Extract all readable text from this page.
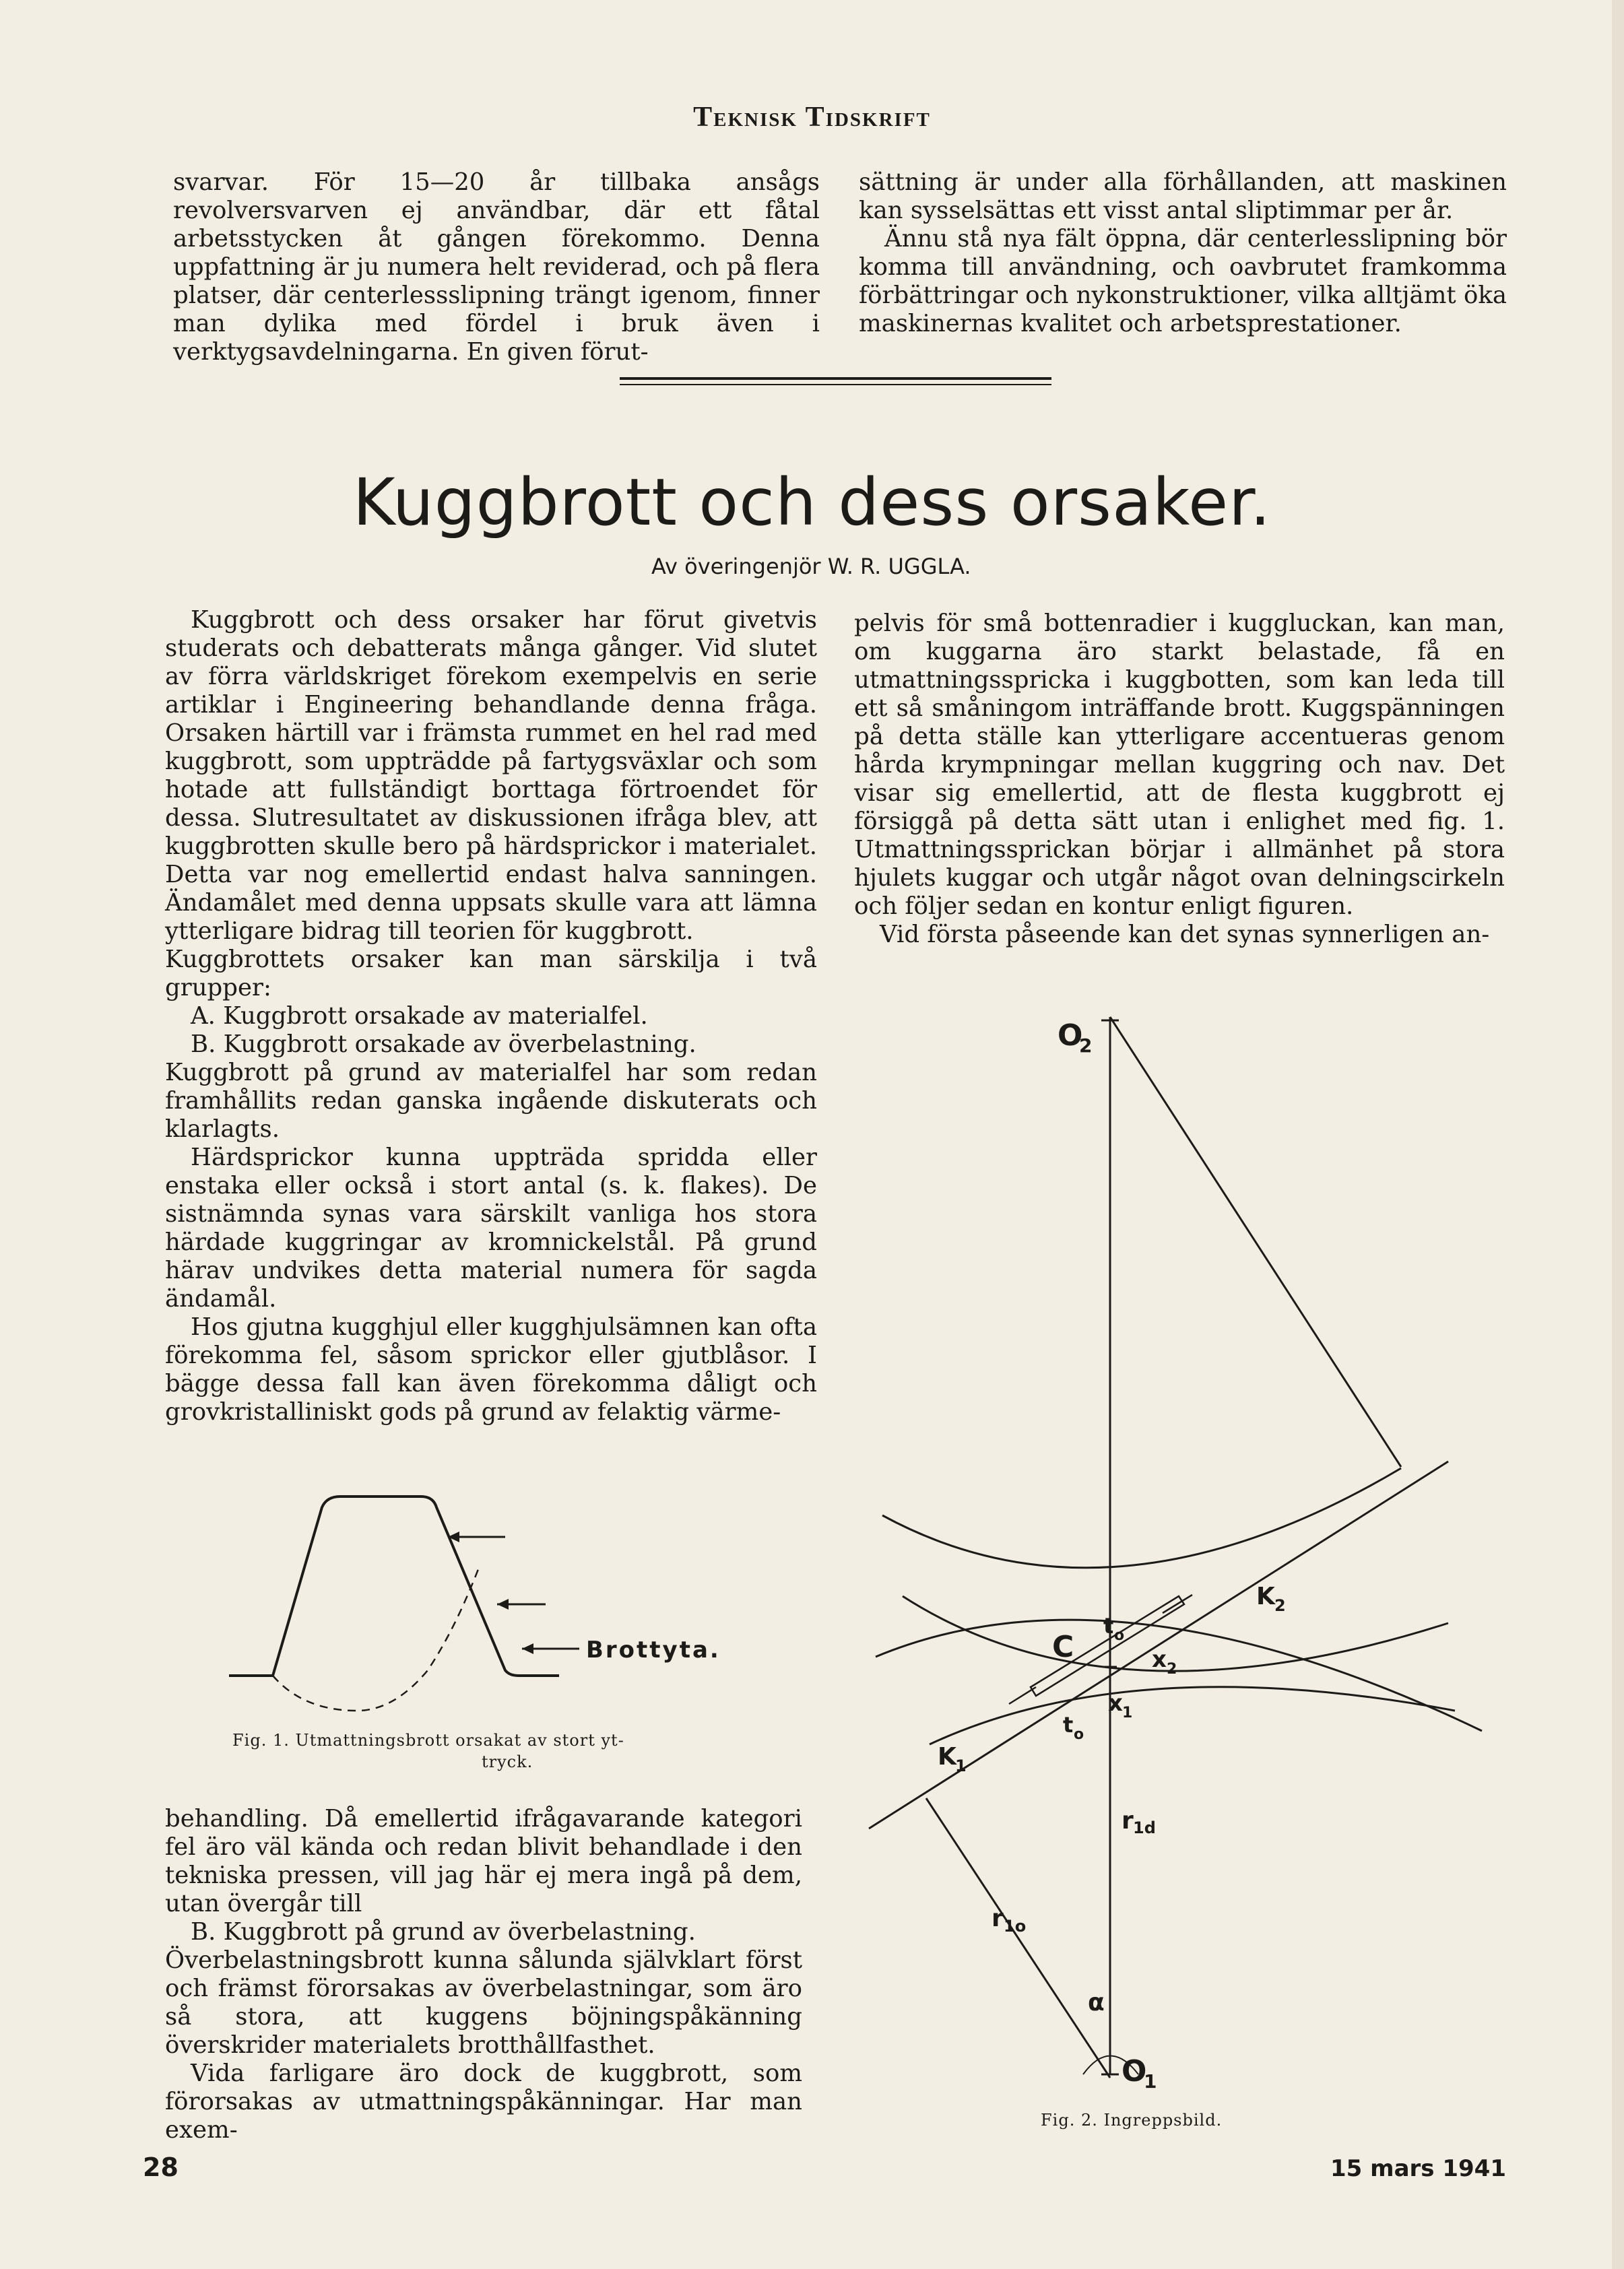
Teknisk Tidskrift

svarvar. För 15—20 år tillbaka ansågs revolversvarven ej användbar, där ett fåtal arbetsstycken åt gången förekommo. Denna uppfattning är ju numera helt reviderad, och på flera platser, där centerlessslipning trängt igenom, finner man dylika med fördel i bruk även i verktygsavdelningarna. En given förut-

sättning är under alla förhållanden, att maskinen kan sysselsättas ett visst antal sliptimmar per år.

Ännu stå nya fält öppna, där centerlesslipning bör komma till användning, och oavbrutet framkomma förbättringar och nykonstruktioner, vilka alltjämt öka maskinernas kvalitet och arbetsprestationer.

Kuggbrott och dess orsaker.
Av överingenjör W. R. UGGLA.

Kuggbrott och dess orsaker har förut givetvis studerats och debatterats många gånger. Vid slutet av förra världskriget förekom exempelvis en serie artiklar i Engineering behandlande denna fråga. Orsaken härtill var i främsta rummet en hel rad med kuggbrott, som uppträdde på fartygsväxlar och som hotade att fullständigt borttaga förtroendet för dessa. Slutresultatet av diskussionen ifråga blev, att kuggbrotten skulle bero på härdsprickor i materialet. Detta var nog emellertid endast halva sanningen. Ändamålet med denna uppsats skulle vara att lämna ytterligare bidrag till teorien för kuggbrott.

Kuggbrottets orsaker kan man särskilja i två grupper:

A. Kuggbrott orsakade av materialfel.

B. Kuggbrott orsakade av överbelastning.

Kuggbrott på grund av materialfel har som redan framhållits redan ganska ingående diskuterats och klarlagts.

Härdsprickor kunna uppträda spridda eller enstaka eller också i stort antal (s. k. flakes). De sistnämnda synas vara särskilt vanliga hos stora härdade kuggringar av kromnickelstål. På grund härav undvikes detta material numera för sagda ändamål.

Hos gjutna kugghjul eller kugghjulsämnen kan ofta förekomma fel, såsom sprickor eller gjutblåsor. I bägge dessa fall kan även förekomma dåligt och grovkristalliniskt gods på grund av felaktig värme-

Brottyta.
Fig. 1. Utmattningsbrott orsakat av stort yt-
tryck.

behandling. Då emellertid ifrågavarande kategori fel äro väl kända och redan blivit behandlade i den tekniska pressen, vill jag här ej mera ingå på dem, utan övergår till

B. Kuggbrott på grund av överbelastning.

Överbelastningsbrott kunna sålunda självklart först och främst förorsakas av överbelastningar, som äro så stora, att kuggens böjningspåkänning överskrider materialets brotthållfasthet.

Vida farligare äro dock de kuggbrott, som förorsakas av utmattningspåkänningar. Har man exem-

pelvis för små bottenradier i kuggluckan, kan man, om kuggarna äro starkt belastade, få en utmattningsspricka i kuggbotten, som kan leda till ett så småningom inträffande brott. Kuggspänningen på detta ställe kan ytterligare accentueras genom hårda krympningar mellan kuggring och nav. Det visar sig emellertid, att de flesta kuggbrott ej försiggå på detta sätt utan i enlighet med fig. 1. Utmattningssprickan börjar i allmänhet på stora hjulets kuggar och utgår något ovan delningscirkeln och följer sedan en kontur enligt figuren.

Vid första påseende kan det synas synnerligen an-

O
2
O
1
C
K
1
K 2
x 1
x 2
t o
t o
r 1d
r 1o
α
Fig. 2. Ingreppsbild.
28	15 mars 1941
